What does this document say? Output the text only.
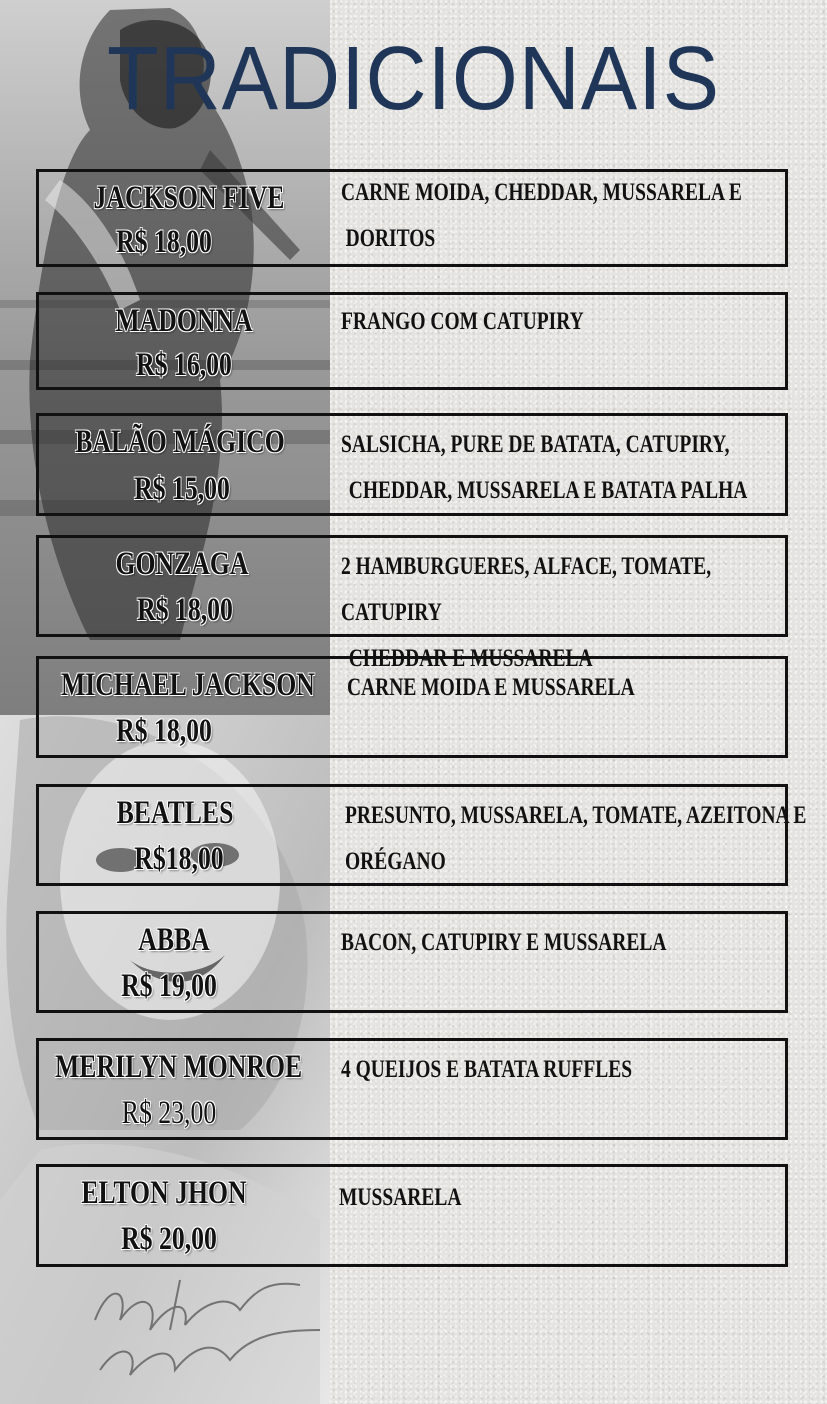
TRADICIONAIS

JACKSON FIVE

R$ 18,00

CARNE MOIDA, CHEDDAR, MUSSARELA E
DORITOS

MADONNA

R$ 16,00

FRANGO COM CATUPIRY

BALÃO MÁGICO

R$ 15,00

SALSICHA, PURE DE BATATA, CATUPIRY,
CHEDDAR, MUSSARELA E BATATA PALHA

GONZAGA

R$ 18,00

2 HAMBURGUERES, ALFACE, TOMATE, CATUPIRY
CHEDDAR E MUSSARELA

MICHAEL JACKSON

R$ 18,00

CARNE MOIDA E MUSSARELA

BEATLES

R$18,00

PRESUNTO, MUSSARELA, TOMATE, AZEITONA E
ORÉGANO

ABBA

R$ 19,00

BACON, CATUPIRY E MUSSARELA

MERILYN MONROE

R$ 23,00

4 QUEIJOS E BATATA RUFFLES

ELTON JHON

R$ 20,00

MUSSARELA
